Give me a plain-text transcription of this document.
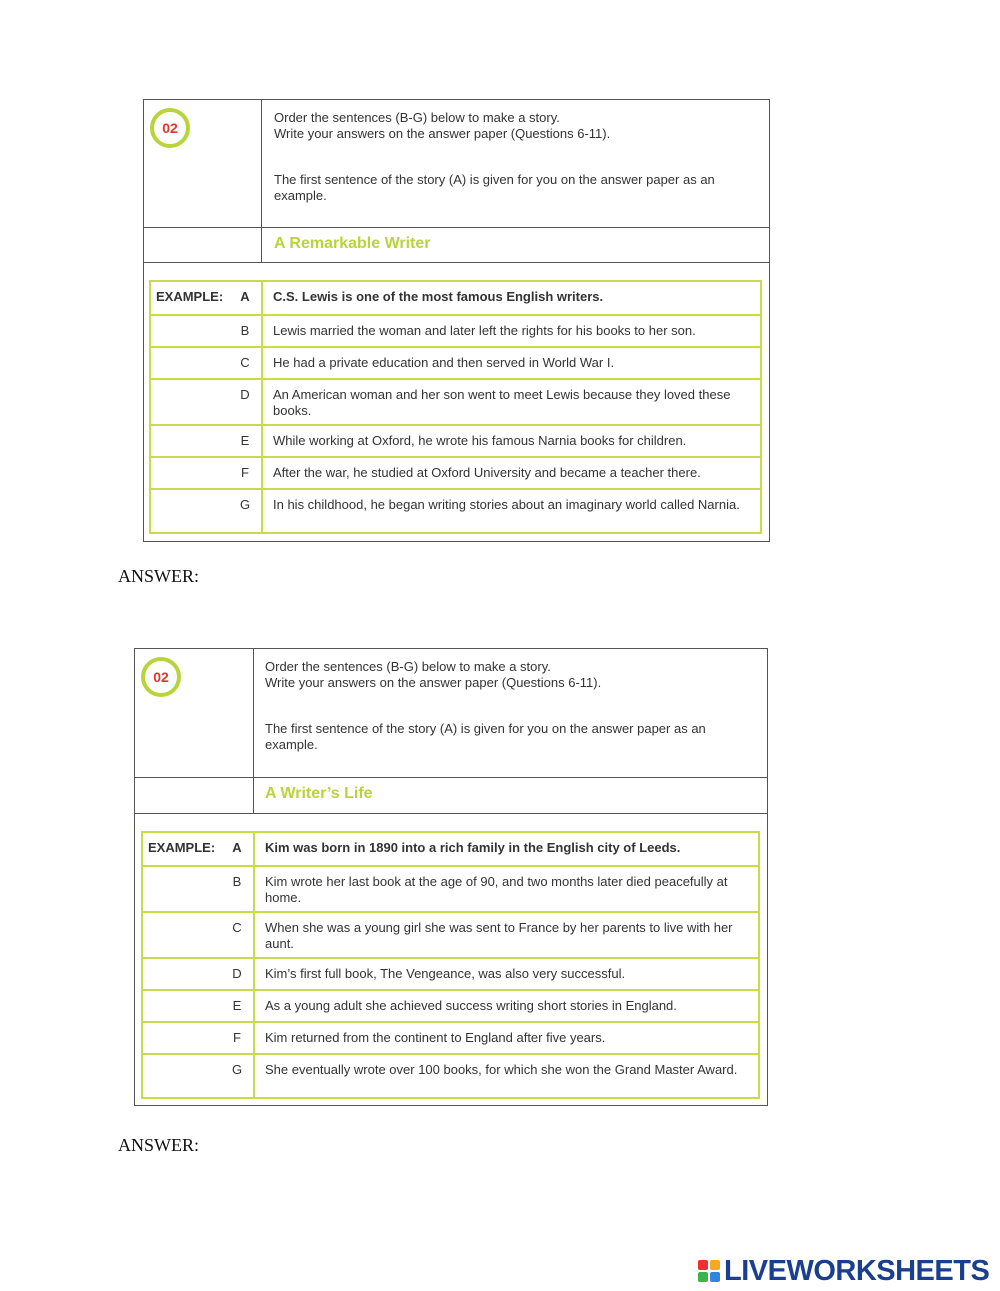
02
Order the sentences (B-G) below to make a story.
Write your answers on the answer paper (Questions 6-11).
The first sentence of the story (A) is given for you on the answer paper as an example.
A Remarkable Writer
EXAMPLE:	A	C.S. Lewis is one of the most famous English writers.
B	Lewis married the woman and later left the rights for his books to her son.
C	He had a private education and then served in World War I.
D	An American woman and her son went to meet Lewis because they loved these books.
E	While working at Oxford, he wrote his famous Narnia books for children.
F	After the war, he studied at Oxford University and became a teacher there.
G	In his childhood, he began writing stories about an imaginary world called Narnia.
ANSWER:
02
Order the sentences (B-G) below to make a story.
Write your answers on the answer paper (Questions 6-11).
The first sentence of the story (A) is given for you on the answer paper as an example.
A Writer’s Life
EXAMPLE:	A	Kim was born in 1890 into a rich family in the English city of Leeds.
B	Kim wrote her last book at the age of 90, and two months later died peacefully at home.
C	When she was a young girl she was sent to France by her parents to live with her aunt.
D	Kim’s first full book, The Vengeance, was also very successful.
E	As a young adult she achieved success writing short stories in England.
F	Kim returned from the continent to England after five years.
G	She eventually wrote over 100 books, for which she won the Grand Master Award.
ANSWER:
LIVEWORKSHEETS
